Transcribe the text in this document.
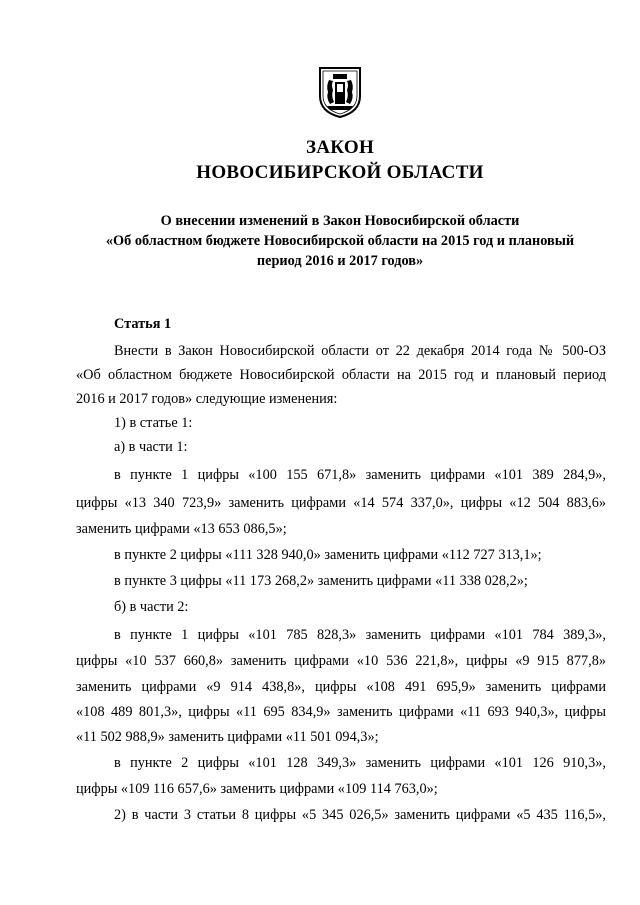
ЗАКОН
НОВОСИБИРСКОЙ ОБЛАСТИ
О внесении изменений в Закон Новосибирской области
«Об областном бюджете Новосибирской области на 2015 год и плановый
период 2016 и 2017 годов»
Статья 1
Внести в Закон Новосибирской области от 22 декабря 2014 года № 500-ОЗ
«Об областном бюджете Новосибирской области на 2015 год и плановый период
2016 и 2017 годов» следующие изменения:
1) в статье 1:
а) в части 1:
в пункте 1 цифры «100 155 671,8» заменить цифрами «101 389 284,9»,
цифры «13 340 723,9» заменить цифрами «14 574 337,0», цифры «12 504 883,6»
заменить цифрами «13 653 086,5»;
в пункте 2 цифры «111 328 940,0» заменить цифрами «112 727 313,1»;
в пункте 3 цифры «11 173 268,2» заменить цифрами «11 338 028,2»;
б) в части 2:
в пункте 1 цифры «101 785 828,3» заменить цифрами «101 784 389,3»,
цифры «10 537 660,8» заменить цифрами «10 536 221,8», цифры «9 915 877,8»
заменить цифрами «9 914 438,8», цифры «108 491 695,9» заменить цифрами
«108 489 801,3», цифры «11 695 834,9» заменить цифрами «11 693 940,3», цифры
«11 502 988,9» заменить цифрами «11 501 094,3»;
в пункте 2 цифры «101 128 349,3» заменить цифрами «101 126 910,3»,
цифры «109 116 657,6» заменить цифрами «109 114 763,0»;
2) в части 3 статьи 8 цифры «5 345 026,5» заменить цифрами «5 435 116,5»,
